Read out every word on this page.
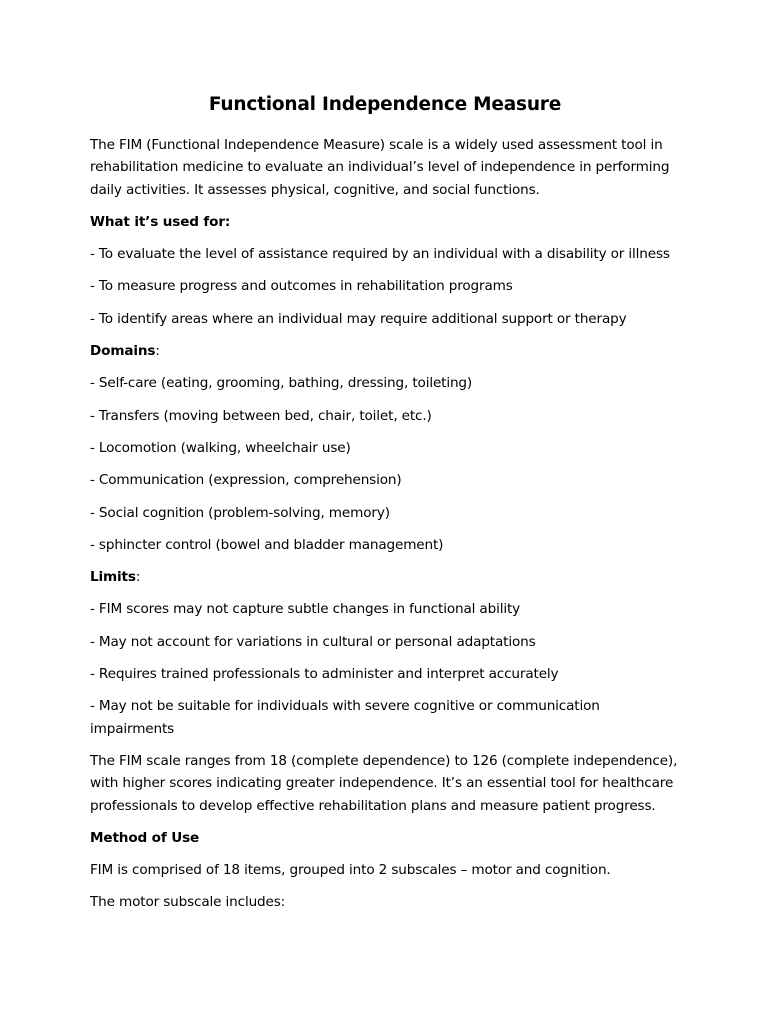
Functional Independence Measure

The FIM (Functional Independence Measure) scale is a widely used assessment tool in rehabilitation medicine to evaluate an individual’s level of independence in performing daily activities. It assesses physical, cognitive, and social functions.

What it’s used for:

- To evaluate the level of assistance required by an individual with a disability or illness

- To measure progress and outcomes in rehabilitation programs

- To identify areas where an individual may require additional support or therapy

Domains:

- Self-care (eating, grooming, bathing, dressing, toileting)

- Transfers (moving between bed, chair, toilet, etc.)

- Locomotion (walking, wheelchair use)

- Communication (expression, comprehension)

- Social cognition (problem-solving, memory)

- sphincter control (bowel and bladder management)

Limits:

- FIM scores may not capture subtle changes in functional ability

- May not account for variations in cultural or personal adaptations

- Requires trained professionals to administer and interpret accurately

- May not be suitable for individuals with severe cognitive or communication impairments

The FIM scale ranges from 18 (complete dependence) to 126 (complete independence), with higher scores indicating greater independence. It’s an essential tool for healthcare professionals to develop effective rehabilitation plans and measure patient progress.

Method of Use

FIM is comprised of 18 items, grouped into 2 subscales – motor and cognition.

The motor subscale includes:
